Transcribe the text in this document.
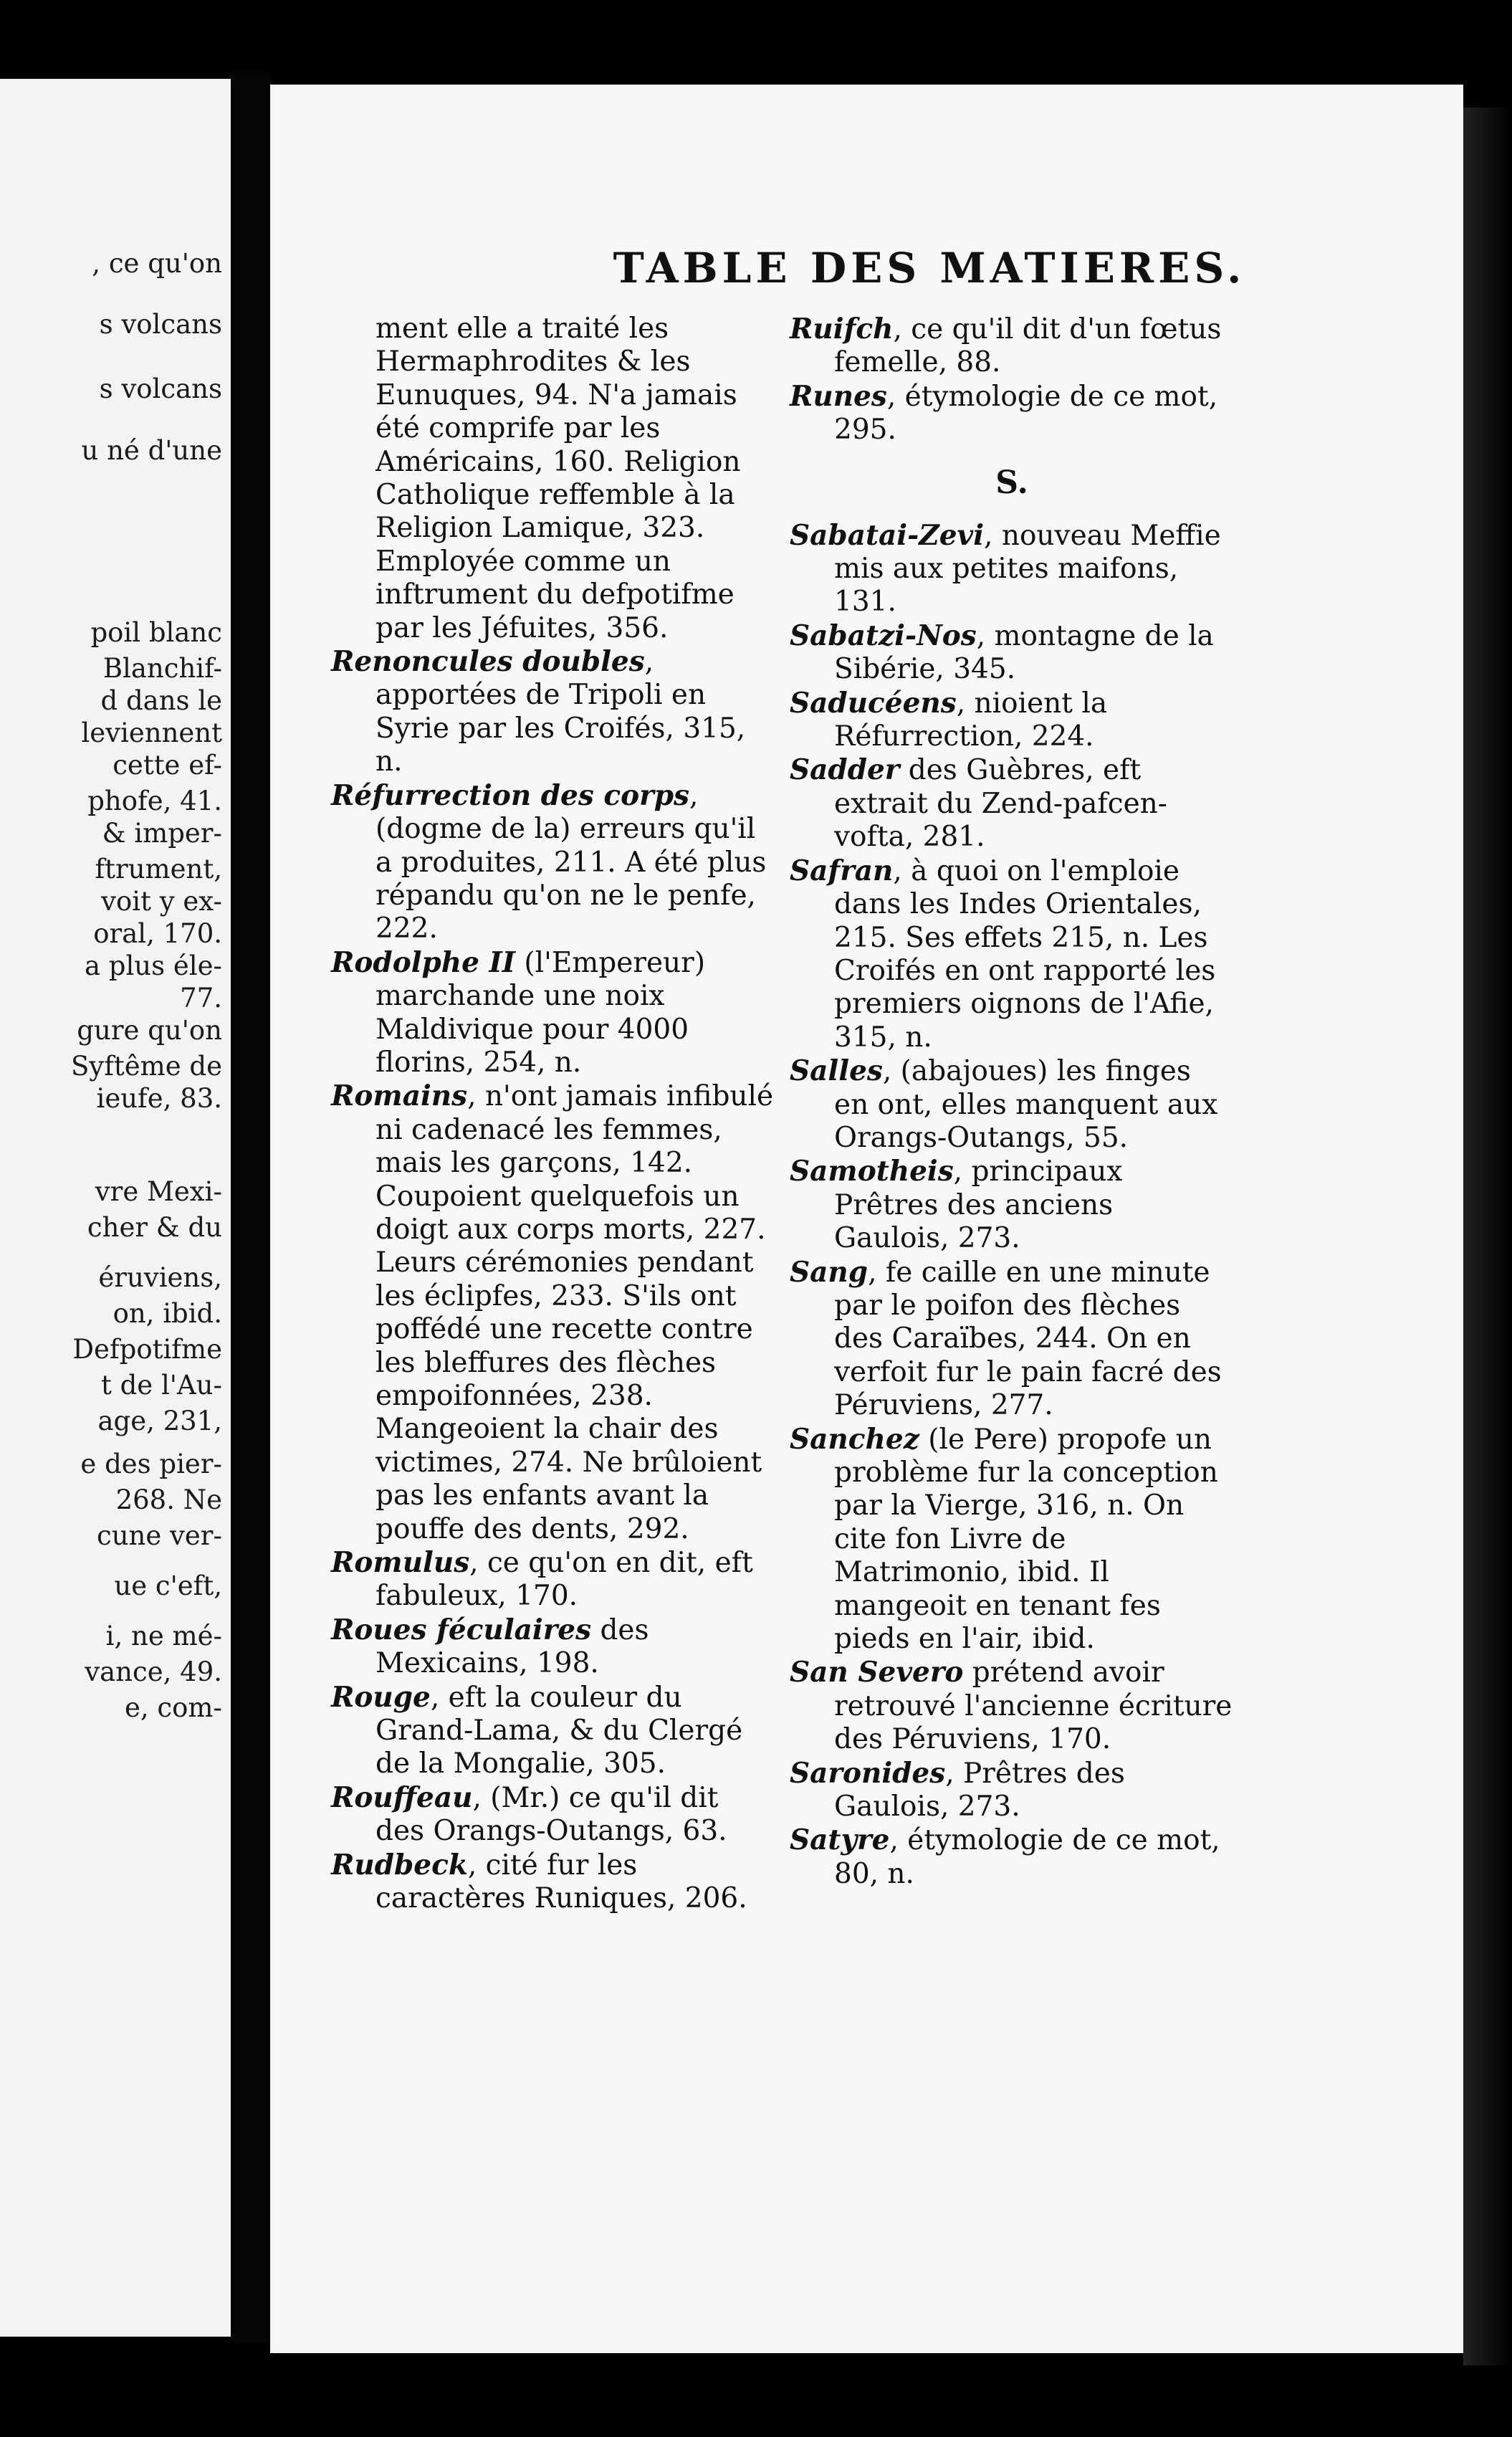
, ce qu'on
s volcans
s volcans
u né d'une
poil blanc
Blanchif-
d dans le
leviennent
cette ef-
phofe, 41.
& imper-
ftrument,
voit y ex-
oral, 170.
a plus éle-
77.
gure qu'on
Syftême de
ieufe, 83.
vre Mexi-
cher & du
éruviens,
on, ibid.
Defpotifme
t de l'Au-
age, 231,
e des pier-
268. Ne
cune ver-
ue c'eft,
i, ne mé-
vance, 49.
e, com-
TABLE DES MATIERES.

ment elle a traité les Hermaphrodites & les Eunuques, 94. N'a jamais été comprife par les Américains, 160. Religion Catholique reffemble à la Religion Lamique, 323. Employée comme un inftrument du defpotifme par les Jéfuites, 356.

Renoncules doubles, apportées de Tripoli en Syrie par les Croifés, 315, n.

Réfurrection des corps, (dogme de la) erreurs qu'il a produites, 211. A été plus répandu qu'on ne le penfe, 222.

Rodolphe II (l'Empereur) marchande une noix Maldivique pour 4000 florins, 254, n.

Romains, n'ont jamais infibulé ni cadenacé les femmes, mais les garçons, 142. Coupoient quelquefois un doigt aux corps morts, 227. Leurs cérémonies pendant les éclipfes, 233. S'ils ont poffédé une recette contre les bleffures des flèches empoifonnées, 238. Mangeoient la chair des victimes, 274. Ne brûloient pas les enfants avant la pouffe des dents, 292.

Romulus, ce qu'on en dit, eft fabuleux, 170.

Roues féculaires des Mexicains, 198.

Rouge, eft la couleur du Grand-Lama, & du Clergé de la Mongalie, 305.

Rouffeau, (Mr.) ce qu'il dit des Orangs-Outangs, 63.

Rudbeck, cité fur les caractères Runiques, 206.

Ruifch, ce qu'il dit d'un fœtus femelle, 88.

Runes, étymologie de ce mot, 295.

S.

Sabatai-Zevi, nouveau Meffie mis aux petites maifons, 131.

Sabatzi-Nos, montagne de la Sibérie, 345.

Saducéens, nioient la Réfurrection, 224.

Sadder des Guèbres, eft extrait du Zend-pafcen-vofta, 281.

Safran, à quoi on l'emploie dans les Indes Orientales, 215. Ses effets 215, n. Les Croifés en ont rapporté les premiers oignons de l'Afie, 315, n.

Salles, (abajoues) les finges en ont, elles manquent aux Orangs-Outangs, 55.

Samotheis, principaux Prêtres des anciens Gaulois, 273.

Sang, fe caille en une minute par le poifon des flèches des Caraïbes, 244. On en verfoit fur le pain facré des Péruviens, 277.

Sanchez (le Pere) propofe un problème fur la conception par la Vierge, 316, n. On cite fon Livre de Matrimonio, ibid. Il mangeoit en tenant fes pieds en l'air, ibid.

San Severo prétend avoir retrouvé l'ancienne écriture des Péruviens, 170.

Saronides, Prêtres des Gaulois, 273.

Satyre, étymologie de ce mot, 80, n.
